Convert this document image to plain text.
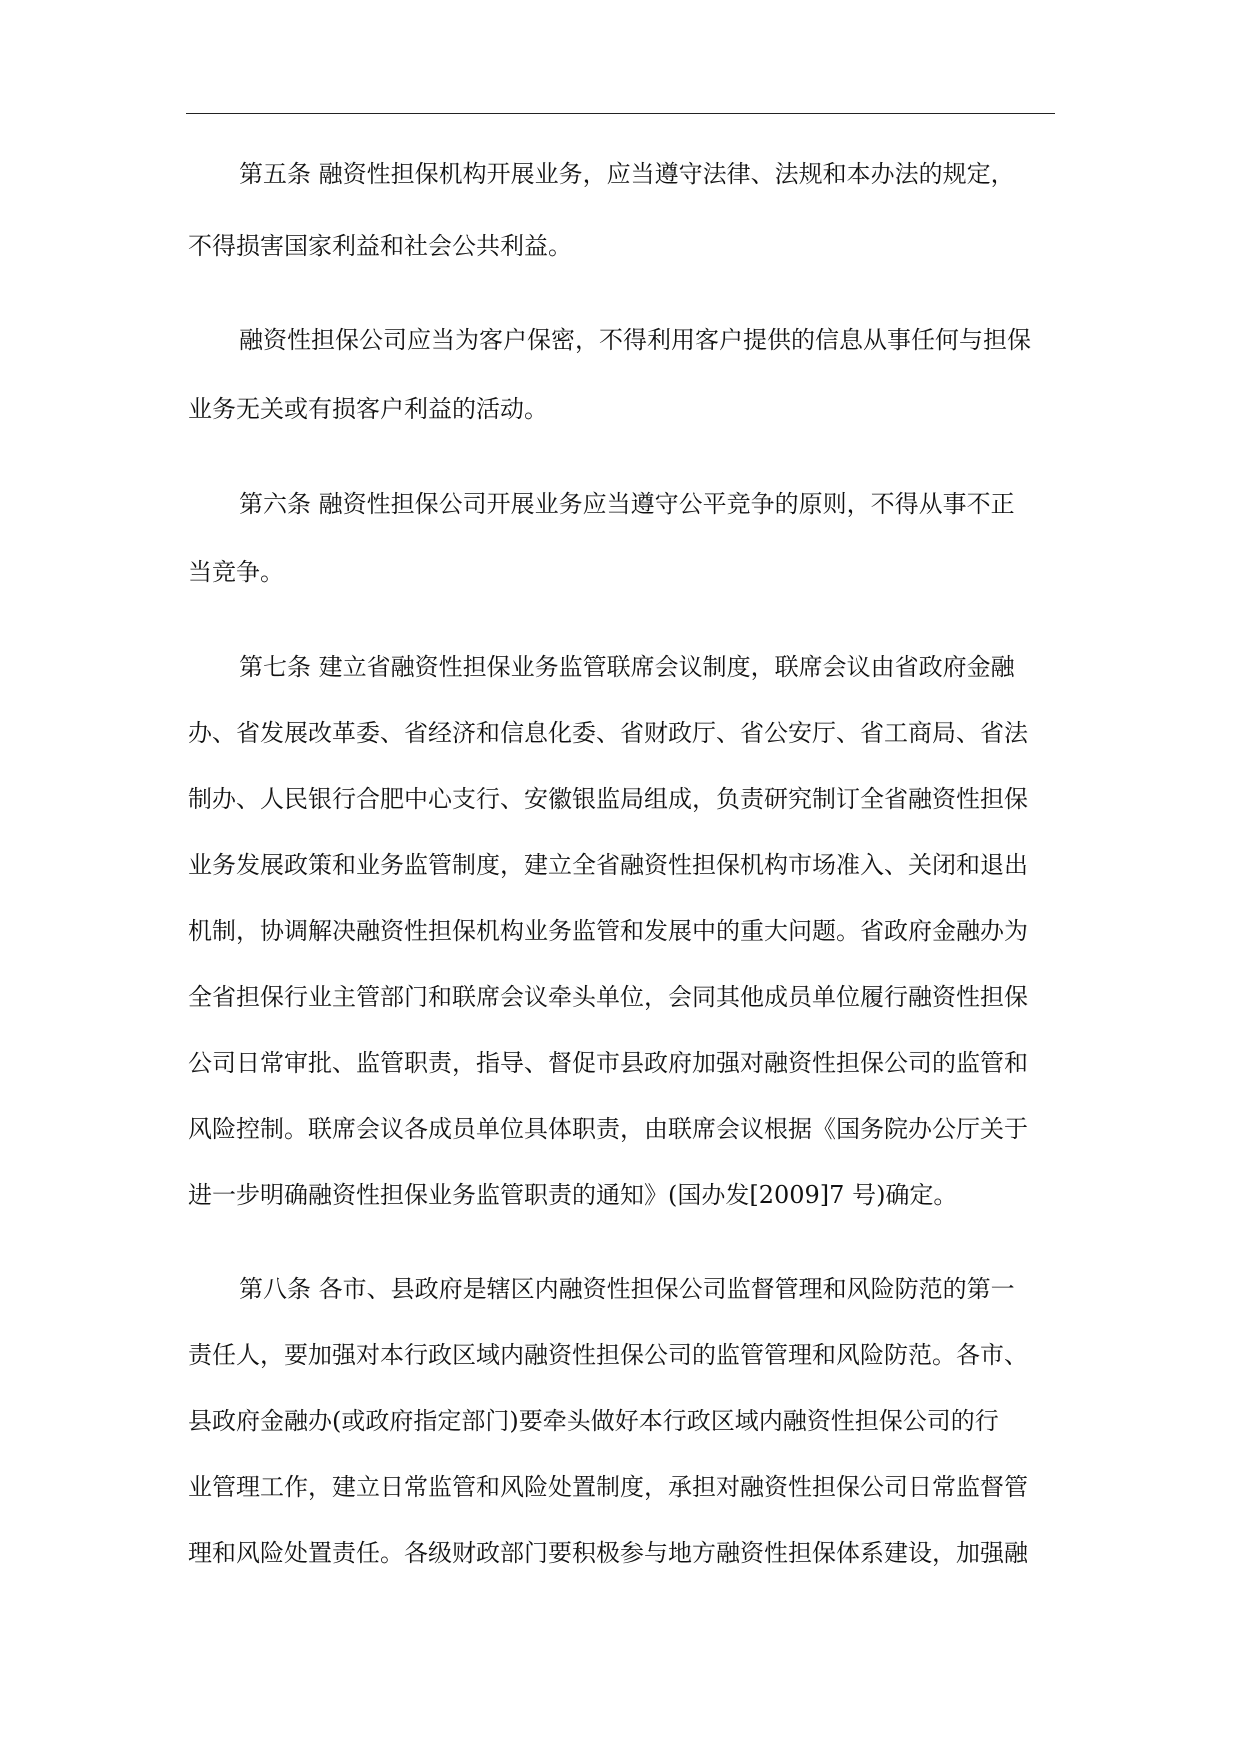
第五条 融资性担保机构开展业务，应当遵守法律、法规和本办法的规定，

不得损害国家利益和社会公共利益。

融资性担保公司应当为客户保密，不得利用客户提供的信息从事任何与担保

业务无关或有损客户利益的活动。

第六条 融资性担保公司开展业务应当遵守公平竞争的原则，不得从事不正

当竞争。

第七条 建立省融资性担保业务监管联席会议制度，联席会议由省政府金融

办、省发展改革委、省经济和信息化委、省财政厅、省公安厅、省工商局、省法

制办、人民银行合肥中心支行、安徽银监局组成，负责研究制订全省融资性担保

业务发展政策和业务监管制度，建立全省融资性担保机构市场准入、关闭和退出

机制，协调解决融资性担保机构业务监管和发展中的重大问题。省政府金融办为

全省担保行业主管部门和联席会议牵头单位，会同其他成员单位履行融资性担保

公司日常审批、监管职责，指导、督促市县政府加强对融资性担保公司的监管和

风险控制。联席会议各成员单位具体职责，由联席会议根据《国务院办公厅关于

进一步明确融资性担保业务监管职责的通知》(国办发[2009]7 号)确定。

第八条 各市、县政府是辖区内融资性担保公司监督管理和风险防范的第一

责任人，要加强对本行政区域内融资性担保公司的监管管理和风险防范。各市、

县政府金融办(或政府指定部门)要牵头做好本行政区域内融资性担保公司的行

业管理工作，建立日常监管和风险处置制度，承担对融资性担保公司日常监督管

理和风险处置责任。各级财政部门要积极参与地方融资性担保体系建设，加强融
